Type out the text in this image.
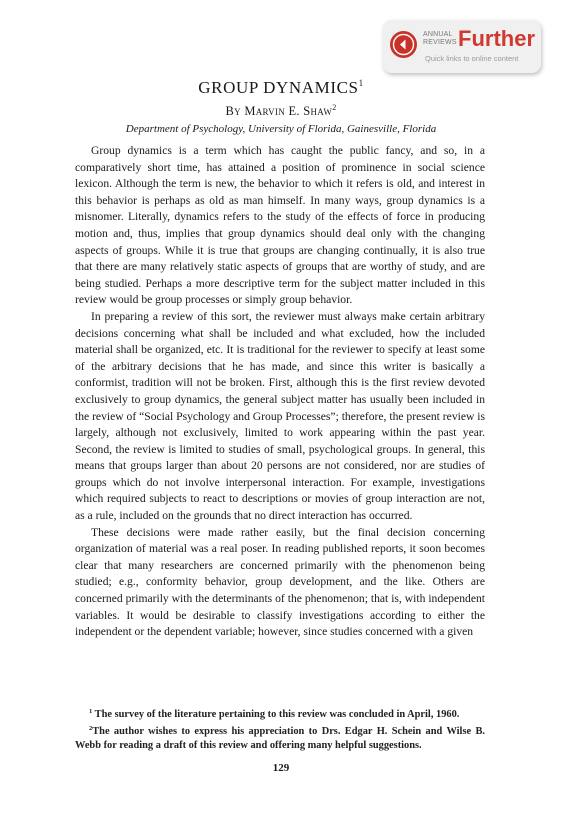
ANNUAL
REVIEWS Further
Quick links to online content
GROUP DYNAMICS$^1$
By Marvin E. Shaw$^2$
Department of Psychology, University of Florida, Gainesville, Florida

Group dynamics is a term which has caught the public fancy, and so, in a comparatively short time, has attained a position of prominence in social science lexicon. Although the term is new, the behavior to which it refers is old, and interest in this behavior is perhaps as old as man himself. In many ways, group dynamics is a misnomer. Literally, dynamics refers to the study of the effects of force in producing motion and, thus, implies that group dynamics should deal only with the changing aspects of groups. While it is true that groups are changing continually, it is also true that there are many relatively static aspects of groups that are worthy of study, and are being studied. Perhaps a more descriptive term for the subject matter included in this review would be group processes or simply group behavior.

In preparing a review of this sort, the reviewer must always make certain arbitrary decisions concerning what shall be included and what excluded, how the included material shall be organized, etc. It is traditional for the reviewer to specify at least some of the arbitrary decisions that he has made, and since this writer is basically a conformist, tradition will not be broken. First, although this is the first review devoted exclusively to group dynamics, the general subject matter has usually been included in the review of “Social Psychology and Group Processes”; therefore, the present review is largely, although not exclusively, limited to work appearing within the past year. Second, the review is limited to studies of small, psychological groups. In general, this means that groups larger than about 20 persons are not considered, nor are studies of groups which do not involve interpersonal interaction. For example, investigations which required subjects to react to descriptions or movies of group interaction are not, as a rule, included on the grounds that no direct interaction has occurred.

These decisions were made rather easily, but the final decision concerning organization of material was a real poser. In reading published reports, it soon becomes clear that many researchers are concerned primarily with the phenomenon being studied; e.g., conformity behavior, group development, and the like. Others are concerned primarily with the determinants of the phenomenon; that is, with independent variables. It would be desirable to classify investigations according to either the independent or the dependent variable; however, since studies concerned with a given

$^1$ The survey of the literature pertaining to this review was concluded in April, 1960.

$^2$The author wishes to express his appreciation to Drs. Edgar H. Schein and Wilse B. Webb for reading a draft of this review and offering many helpful suggestions.

129
